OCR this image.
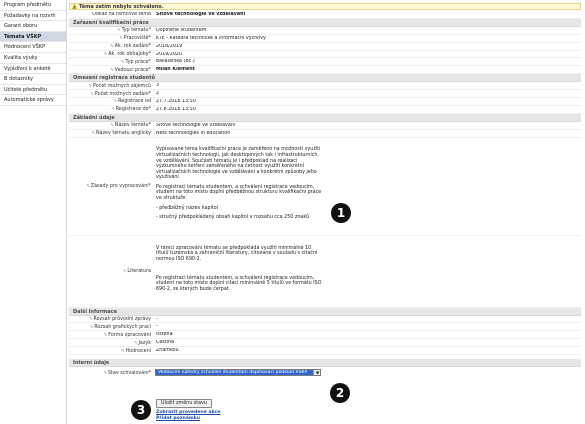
Program předmětu
Požadavky na rozvrh
Garant oboru
Témata VŠKP
Hodnocení VŠKP
Kvalita výuky
Vyjádření k anketě
B dotazníky
Učitelé předmětu
Automatické zprávy
Téma zatím nebylo schváleno.
Odkaz na rámcové téma	Síťové technologie ve vzdělávání
Zařazení kvalifikační práce
✎Typ tématu*	Doplněné studentem
✎Pracoviště*	KTE - Katedra technické a informační výchovy
✎Ak. rok zadání*	2018/2019
✎Ak. rok obhajoby*	2019/2020
✎Typ práce*	bakalářská (Bc.)
✎Vedoucí práce*	Milan Klement
Omezení registrace studentů
✎Počet možných zájemců	3
✎Počet možných zadání*	2
✎Registrace od	27.7.2018 13:50
✎Registrace do*	27.8.2018 13:50
Základní údaje
✎Název tématu*	Síťové technologie ve vzdělávání
✎Název tématu anglicky	Nets technologies in education
✎Zásady pro vypracování*

Vypisované téma kvalifikační práce je zaměřeno na možnosti využití virtualizačních technologií, jak desktopových tak i infrastrukturních, ve vzdělávání. Součástí tématu je i předpoklad na realizaci výzkumného šetření zaměřeného na četnost využití konkrétní virtualizačních technologie ve vzdělávání a konkrétní způsoby jeho využívání.

Po registraci tématu studentem, a schválení registrace vedoucím, student na toto místo doplní předběžnou strukturu kvalifikační práce ve struktuře:

- předběžný název kapitol

- stručný předpokládaný obsah kapitol v rozsahu cca 250 znaků

✎Literatura

V rámci zpracování tématu se předpokládá využití minimálně 10 titulů tuzemská a zahraniční literatury, citované v souladu s citační normou ISO 690-2.

Po registraci tématu studentem, a schválení registrace vedoucím, student na toto místo doplní citaci minimálně 5 titulů ve formátu ISO 690-2, ze kterých bude čerpat.

Další informace
✎Rozsah průvodní zprávy	-
✎Rozsah grafických prací	-
✎Forma zpracování	tištěná
✎Jazyk	Čeština
✎Hodnocení	Známkou
Interní údaje
✎Stav schvalování*	Vedoucím katedry schválen studentům doplňovací podklad VŠKP
Uložit změnu stavu
Zobrazit provedené akce
Přidat poznámku
1
2
3
